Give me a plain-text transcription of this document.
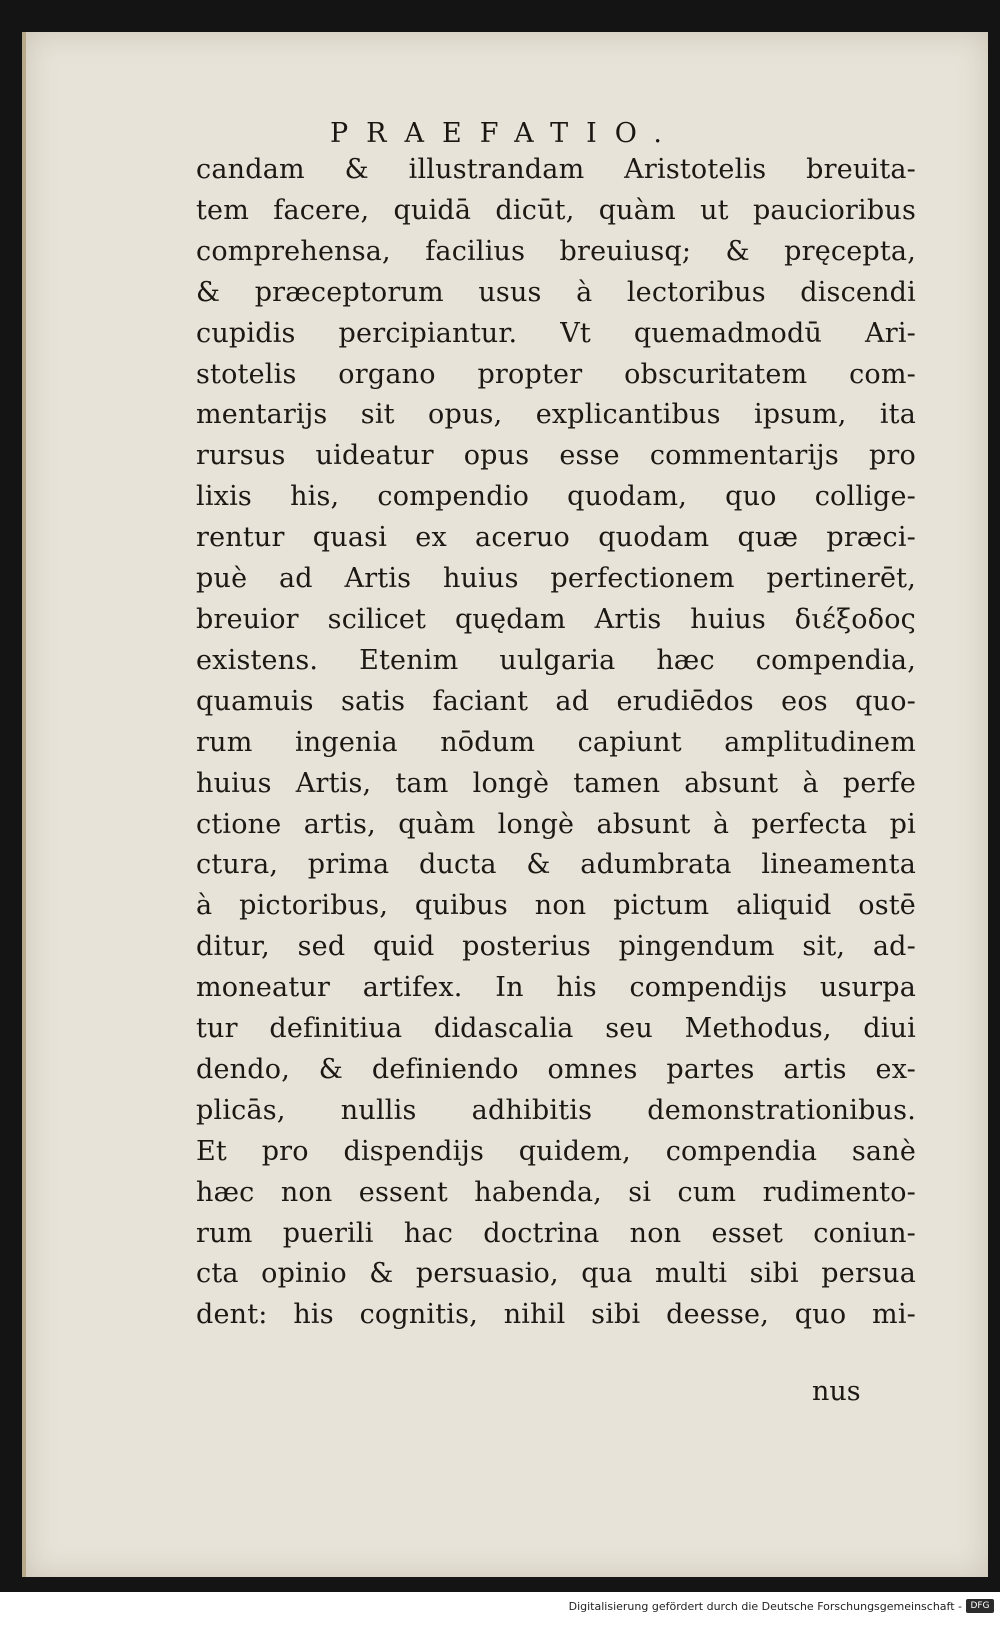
PRAEFATIO.
candam & illustrandam Aristotelis breuita-
tem facere, quidā dicūt, quàm ut paucioribus
comprehensa, facilius breuiusq; & pręcepta,
& præceptorum usus à lectoribus discendi
cupidis percipiantur. Vt quemadmodū Ari-
stotelis organo propter obscuritatem com-
mentarijs sit opus, explicantibus ipsum, ita
rursus uideatur opus esse commentarijs pro
lixis his, compendio quodam, quo collige-
rentur quasi ex aceruo quodam quæ præci-
puè ad Artis huius perfectionem pertinerēt,
breuior scilicet quędam Artis huius διέξοδος
existens. Etenim uulgaria hæc compendia,
quamuis satis faciant ad erudiēdos eos quo-
rum ingenia nōdum capiunt amplitudinem
huius Artis, tam longè tamen absunt à perfe
ctione artis, quàm longè absunt à perfecta pi
ctura, prima ducta & adumbrata lineamenta
à pictoribus, quibus non pictum aliquid ostē
ditur, sed quid posterius pingendum sit, ad-
moneatur artifex. In his compendijs usurpa
tur definitiua didascalia seu Methodus, diui
dendo, & definiendo omnes partes artis ex-
plicās, nullis adhibitis demonstrationibus.
Et pro dispendijs quidem, compendia sanè
hæc non essent habenda, si cum rudimento-
rum puerili hac doctrina non esset coniun-
cta opinio & persuasio, qua multi sibi persua
dent: his cognitis, nihil sibi deesse, quo mi-
nus
Digitalisierung gefördert durch die Deutsche Forschungsgemeinschaft - DFG
